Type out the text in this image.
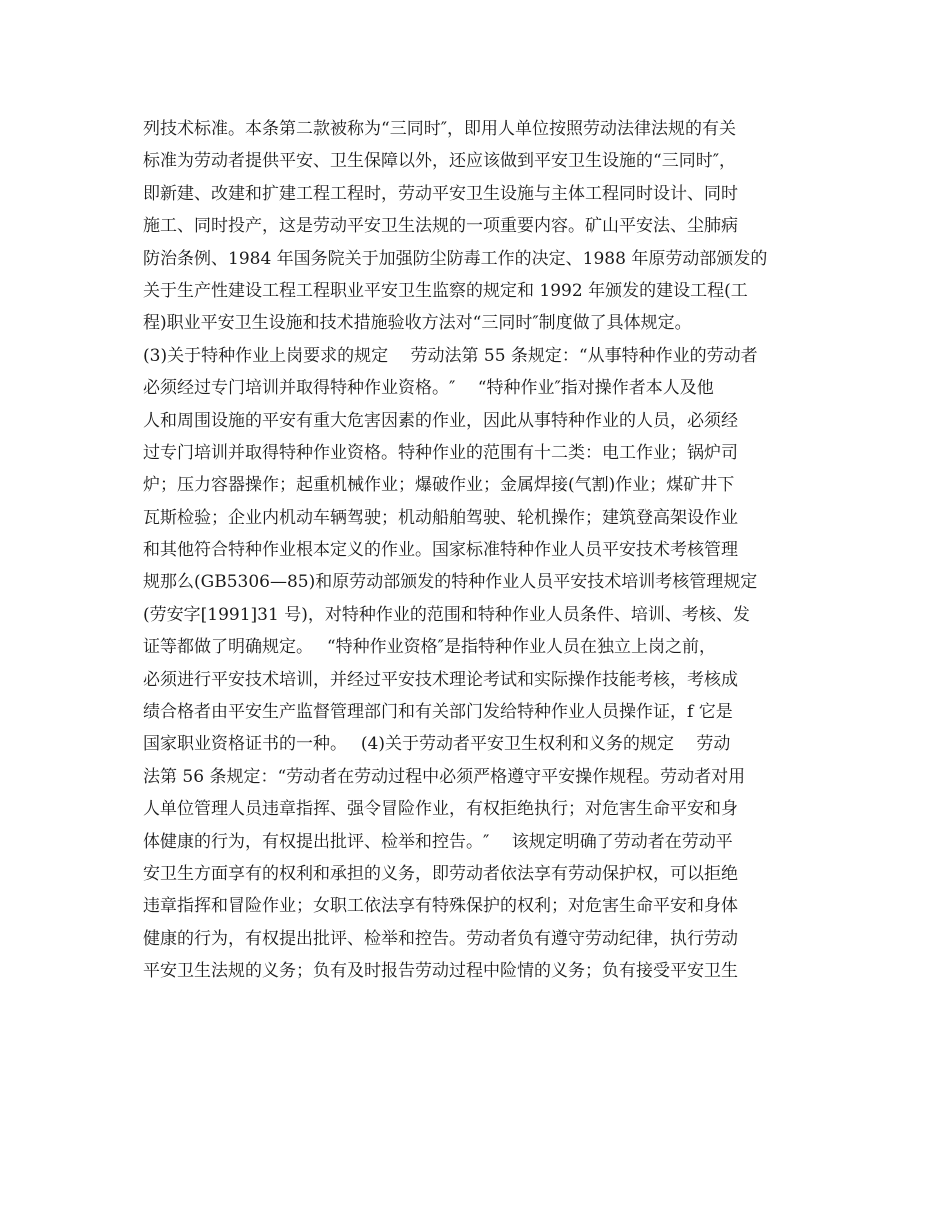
列技术标准。本条第二款被称为“三同时″，即用人单位按照劳动法律法规的有关
标准为劳动者提供平安、卫生保障以外，还应该做到平安卫生设施的“三同时″，
即新建、改建和扩建工程工程时，劳动平安卫生设施与主体工程同时设计、同时
施工、同时投产，这是劳动平安卫生法规的一项重要内容。矿山平安法、尘肺病
防治条例、1984 年国务院关于加强防尘防毒工作的决定、1988 年原劳动部颁发的
关于生产性建设工程工程职业平安卫生监察的规定和 1992 年颁发的建设工程(工
程)职业平安卫生设施和技术措施验收方法对“三同时″制度做了具体规定。
(3)关于特种作业上岗要求的规定　 劳动法第 55 条规定：“从事特种作业的劳动者
必须经过专门培训并取得特种作业资格。″　 “特种作业″指对操作者本人及他
人和周围设施的平安有重大危害因素的作业，因此从事特种作业的人员，必须经
过专门培训并取得特种作业资格。特种作业的范围有十二类：电工作业；锅炉司
炉；压力容器操作；起重机械作业；爆破作业；金属焊接(气割)作业；煤矿井下
瓦斯检验；企业内机动车辆驾驶；机动船舶驾驶、轮机操作；建筑登高架设作业
和其他符合特种作业根本定义的作业。国家标准特种作业人员平安技术考核管理
规那么(GB5306—85)和原劳动部颁发的特种作业人员平安技术培训考核管理规定
(劳安字[1991]31 号)，对特种作业的范围和特种作业人员条件、培训、考核、发
证等都做了明确规定。　 “特种作业资格″是指特种作业人员在独立上岗之前，
必须进行平安技术培训，并经过平安技术理论考试和实际操作技能考核，考核成
绩合格者由平安生产监督管理部门和有关部门发给特种作业人员操作证，f 它是
国家职业资格证书的一种。　 (4)关于劳动者平安卫生权利和义务的规定　 劳动
法第 56 条规定：“劳动者在劳动过程中必须严格遵守平安操作规程。劳动者对用
人单位管理人员违章指挥、强令冒险作业，有权拒绝执行；对危害生命平安和身
体健康的行为，有权提出批评、检举和控告。″　 该规定明确了劳动者在劳动平
安卫生方面享有的权利和承担的义务，即劳动者依法享有劳动保护权，可以拒绝
违章指挥和冒险作业；女职工依法享有特殊保护的权利；对危害生命平安和身体
健康的行为，有权提出批评、检举和控告。劳动者负有遵守劳动纪律，执行劳动
平安卫生法规的义务；负有及时报告劳动过程中险情的义务；负有接受平安卫生
